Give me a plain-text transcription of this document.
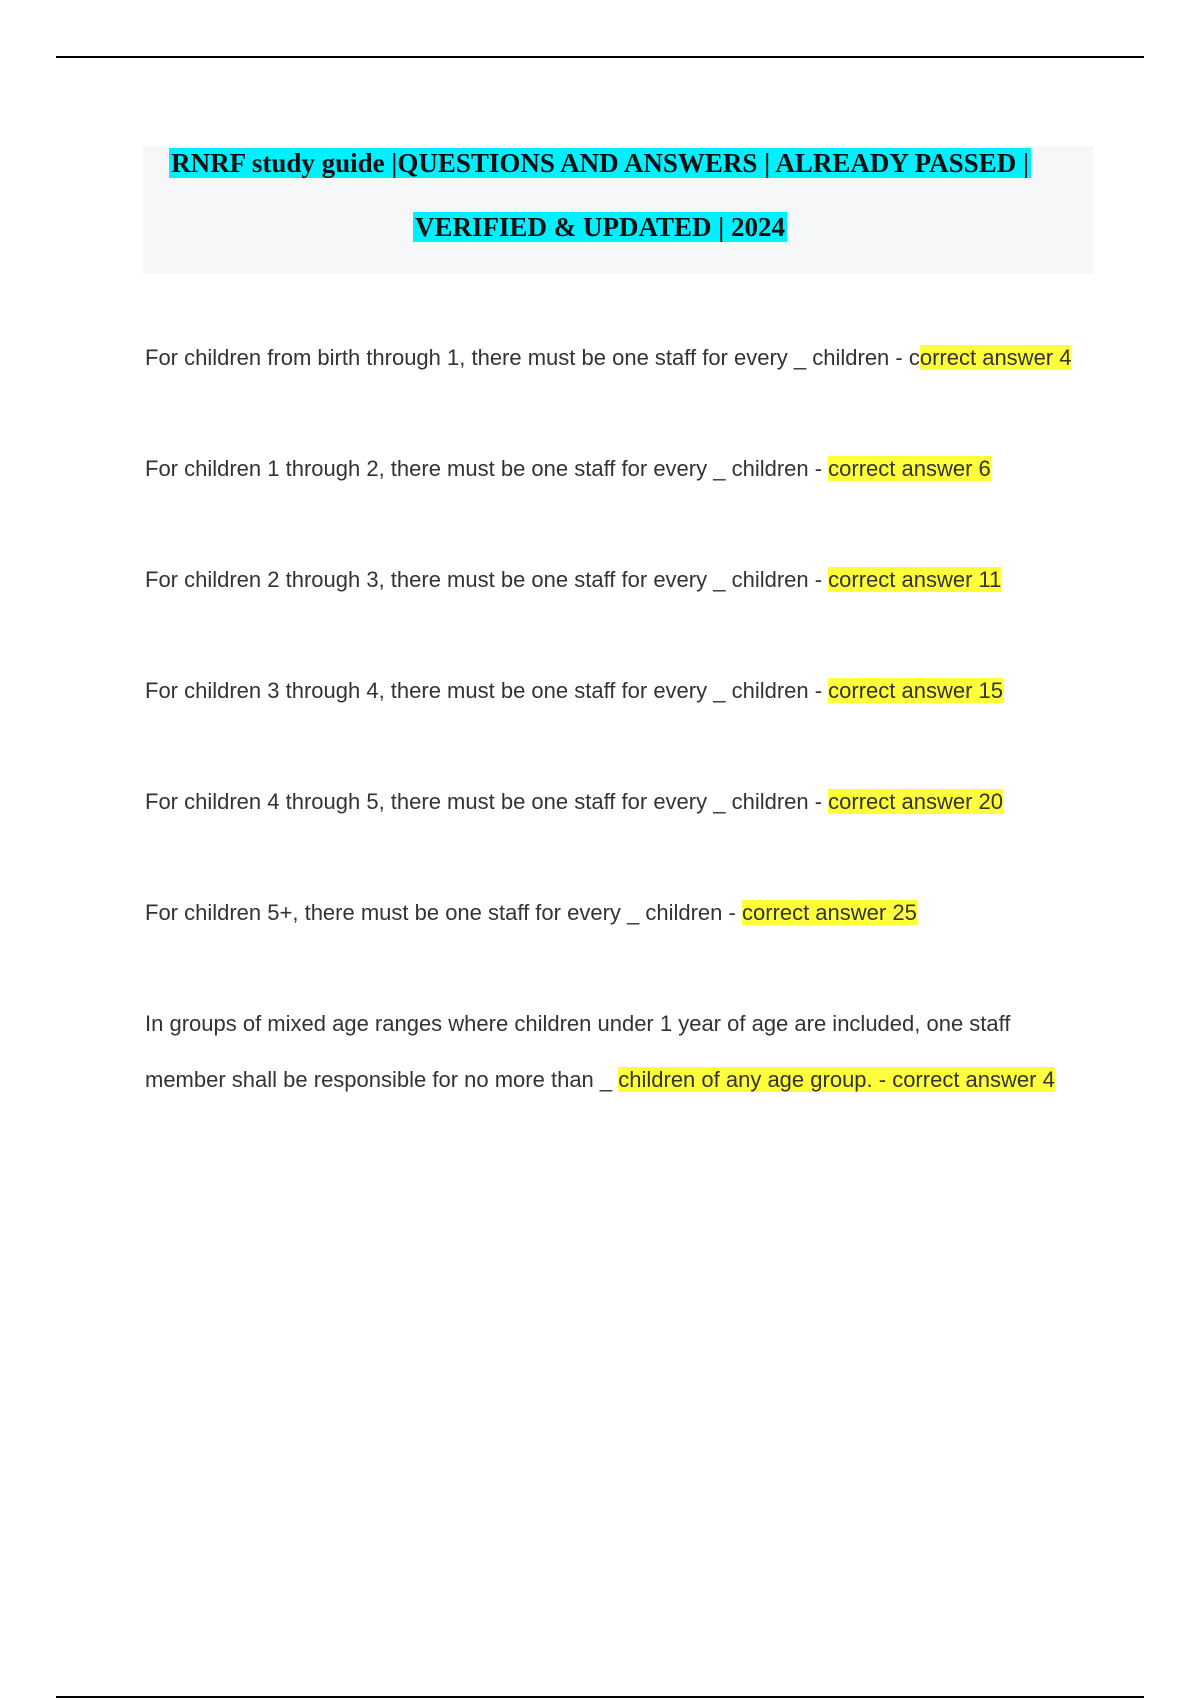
RNRF study guide |QUESTIONS AND ANSWERS | ALREADY PASSED |
VERIFIED & UPDATED | 2024
For children from birth through 1, there must be one staff for every _ children - correct answer 4
For children 1 through 2, there must be one staff for every _ children - correct answer 6
For children 2 through 3, there must be one staff for every _ children - correct answer 11
For children 3 through 4, there must be one staff for every _ children - correct answer 15
For children 4 through 5, there must be one staff for every _ children - correct answer 20
For children 5+, there must be one staff for every _ children - correct answer 25
In groups of mixed age ranges where children under 1 year of age are included, one staff member shall be responsible for no more than _ children of any age group. - correct answer 4
